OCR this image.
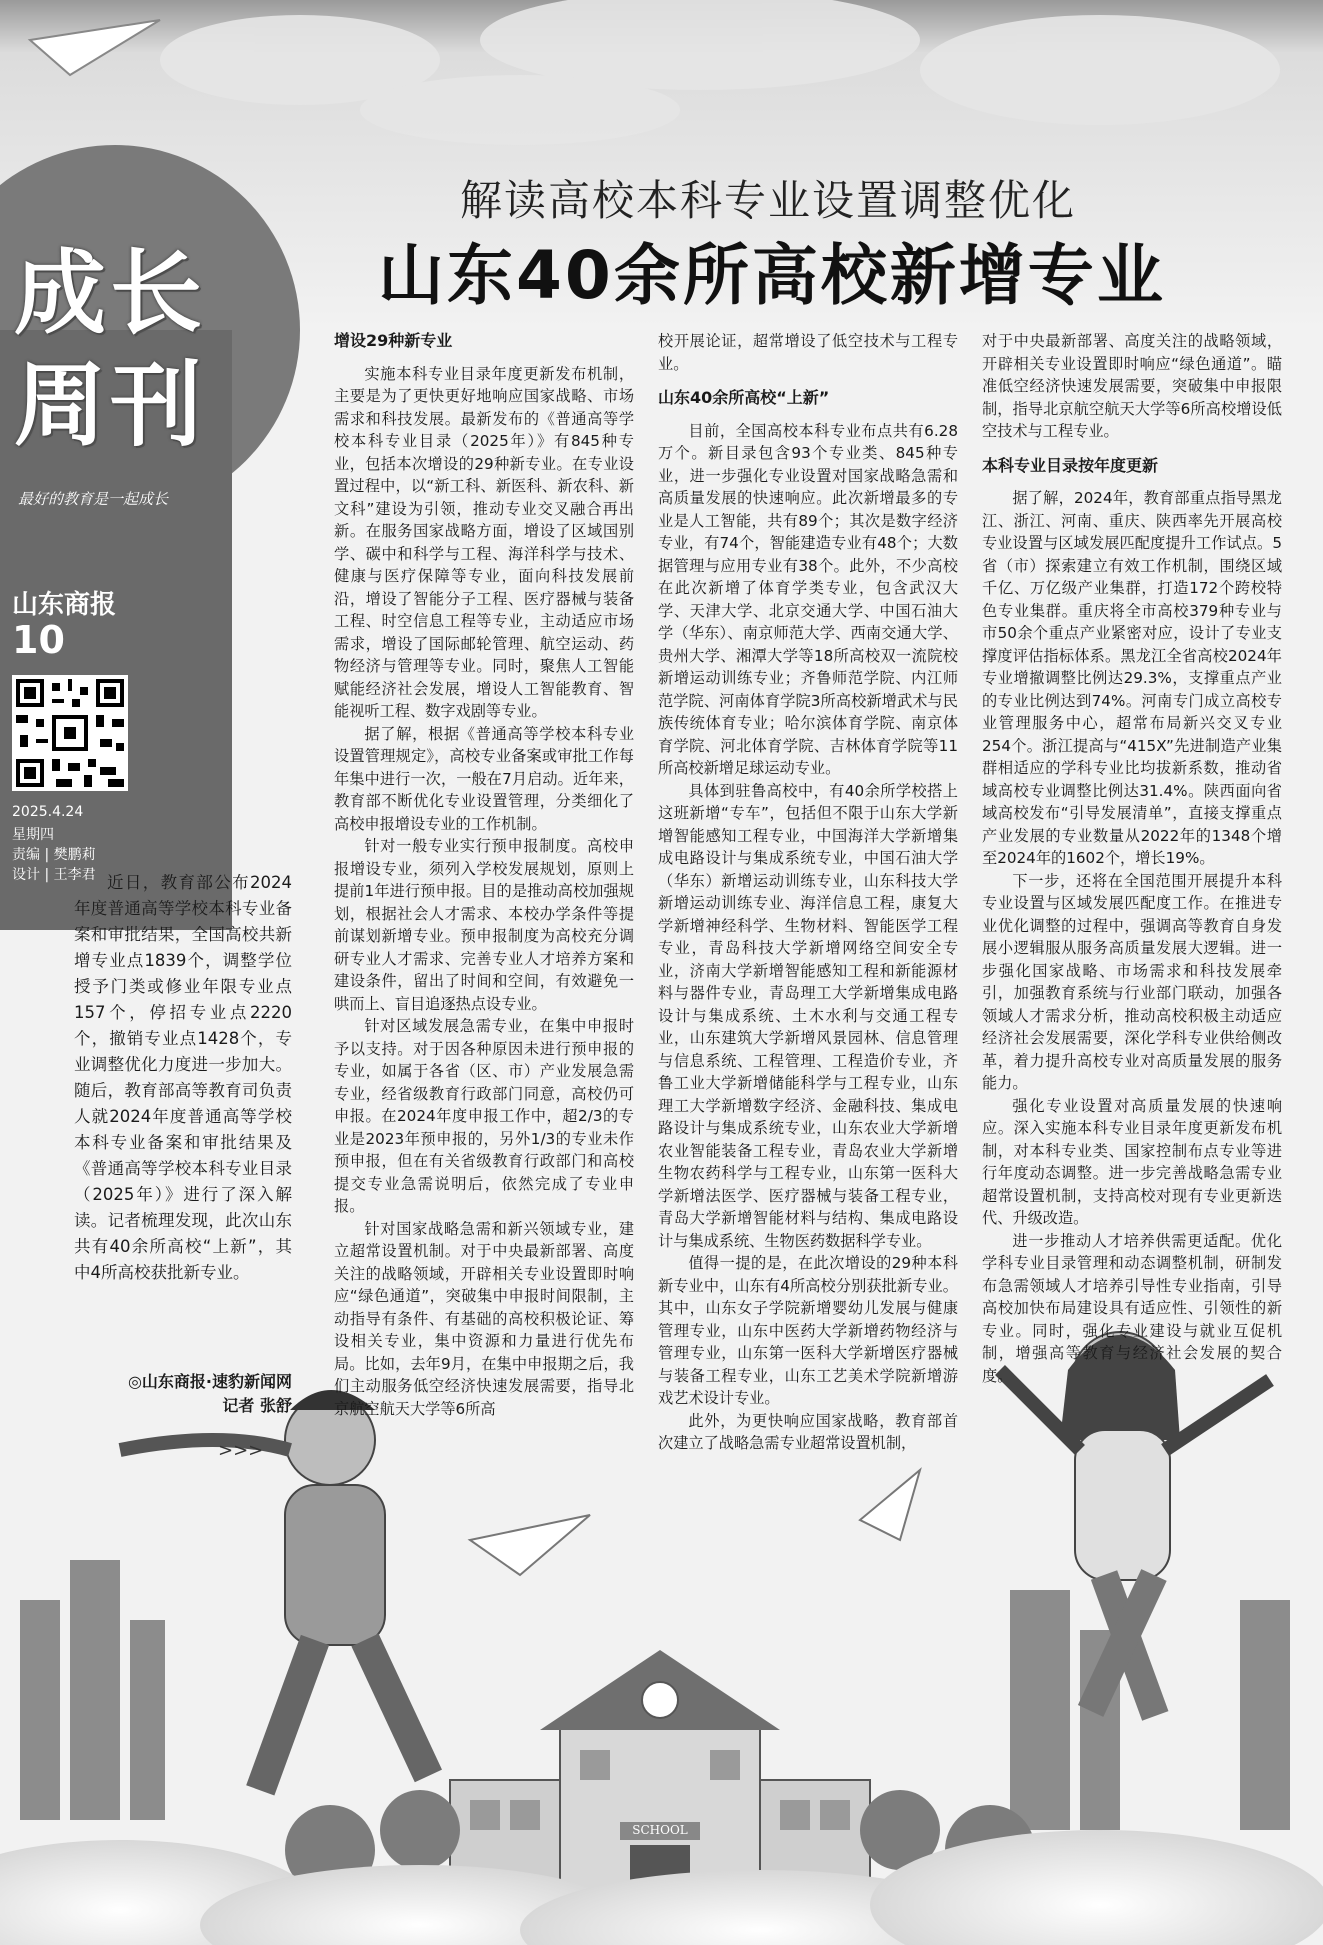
成长
周刊
最好的教育是一起成长
山东商报
10
2025.4.24
星期四
责编 | 樊鹏莉
设计 | 王李君
解读高校本科专业设置调整优化
山东40余所高校新增专业

近日，教育部公布2024年度普通高等学校本科专业备案和审批结果，全国高校共新增专业点1839个，调整学位授予门类或修业年限专业点157个，停招专业点2220个，撤销专业点1428个，专业调整优化力度进一步加大。随后，教育部高等教育司负责人就2024年度普通高等学校本科专业备案和审批结果及《普通高等学校本科专业目录（2025年）》进行了深入解读。记者梳理发现，此次山东共有40余所高校“上新”，其中4所高校获批新专业。

◎山东商报·速豹新闻网
记者 张舒
>>>
增设29种新专业

实施本科专业目录年度更新发布机制，主要是为了更快更好地响应国家战略、市场需求和科技发展。最新发布的《普通高等学校本科专业目录（2025年）》有845种专业，包括本次增设的29种新专业。在专业设置过程中，以“新工科、新医科、新农科、新文科”建设为引领，推动专业交叉融合再出新。在服务国家战略方面，增设了区域国别学、碳中和科学与工程、海洋科学与技术、健康与医疗保障等专业，面向科技发展前沿，增设了智能分子工程、医疗器械与装备工程、时空信息工程等专业，主动适应市场需求，增设了国际邮轮管理、航空运动、药物经济与管理等专业。同时，聚焦人工智能赋能经济社会发展，增设人工智能教育、智能视听工程、数字戏剧等专业。

据了解，根据《普通高等学校本科专业设置管理规定》，高校专业备案或审批工作每年集中进行一次，一般在7月启动。近年来，教育部不断优化专业设置管理，分类细化了高校申报增设专业的工作机制。

针对一般专业实行预申报制度。高校申报增设专业，须列入学校发展规划，原则上提前1年进行预申报。目的是推动高校加强规划，根据社会人才需求、本校办学条件等提前谋划新增专业。预申报制度为高校充分调研专业人才需求、完善专业人才培养方案和建设条件，留出了时间和空间，有效避免一哄而上、盲目追逐热点设专业。

针对区域发展急需专业，在集中申报时予以支持。对于因各种原因未进行预申报的专业，如属于各省（区、市）产业发展急需专业，经省级教育行政部门同意，高校仍可申报。在2024年度申报工作中，超2/3的专业是2023年预申报的，另外1/3的专业未作预申报，但在有关省级教育行政部门和高校提交专业急需说明后，依然完成了专业申报。

针对国家战略急需和新兴领域专业，建立超常设置机制。对于中央最新部署、高度关注的战略领域，开辟相关专业设置即时响应“绿色通道”，突破集中申报时间限制，主动指导有条件、有基础的高校积极论证、筹设相关专业，集中资源和力量进行优先布局。比如，去年9月，在集中申报期之后，我们主动服务低空经济快速发展需要，指导北京航空航天大学等6所高

校开展论证，超常增设了低空技术与工程专业。

山东40余所高校“上新”

目前，全国高校本科专业布点共有6.28万个。新目录包含93个专业类、845种专业，进一步强化专业设置对国家战略急需和高质量发展的快速响应。此次新增最多的专业是人工智能，共有89个；其次是数字经济专业，有74个，智能建造专业有48个；大数据管理与应用专业有38个。此外，不少高校在此次新增了体育学类专业，包含武汉大学、天津大学、北京交通大学、中国石油大学（华东）、南京师范大学、西南交通大学、贵州大学、湘潭大学等18所高校双一流院校新增运动训练专业；齐鲁师范学院、内江师范学院、河南体育学院3所高校新增武术与民族传统体育专业；哈尔滨体育学院、南京体育学院、河北体育学院、吉林体育学院等11所高校新增足球运动专业。

具体到驻鲁高校中，有40余所学校搭上这班新增“专车”，包括但不限于山东大学新增智能感知工程专业，中国海洋大学新增集成电路设计与集成系统专业，中国石油大学（华东）新增运动训练专业，山东科技大学新增运动训练专业、海洋信息工程，康复大学新增神经科学、生物材料、智能医学工程专业，青岛科技大学新增网络空间安全专业，济南大学新增智能感知工程和新能源材料与器件专业，青岛理工大学新增集成电路设计与集成系统、土木水利与交通工程专业，山东建筑大学新增风景园林、信息管理与信息系统、工程管理、工程造价专业，齐鲁工业大学新增储能科学与工程专业，山东理工大学新增数字经济、金融科技、集成电路设计与集成系统专业，山东农业大学新增农业智能装备工程专业，青岛农业大学新增生物农药科学与工程专业，山东第一医科大学新增法医学、医疗器械与装备工程专业，青岛大学新增智能材料与结构、集成电路设计与集成系统、生物医药数据科学专业。

值得一提的是，在此次增设的29种本科新专业中，山东有4所高校分别获批新专业。其中，山东女子学院新增婴幼儿发展与健康管理专业，山东中医药大学新增药物经济与管理专业，山东第一医科大学新增医疗器械与装备工程专业，山东工艺美术学院新增游戏艺术设计专业。

此外，为更快响应国家战略，教育部首次建立了战略急需专业超常设置机制，

对于中央最新部署、高度关注的战略领域，开辟相关专业设置即时响应“绿色通道”。瞄准低空经济快速发展需要，突破集中申报限制，指导北京航空航天大学等6所高校增设低空技术与工程专业。

本科专业目录按年度更新

据了解，2024年，教育部重点指导黑龙江、浙江、河南、重庆、陕西率先开展高校专业设置与区域发展匹配度提升工作试点。5省（市）探索建立有效工作机制，围绕区域千亿、万亿级产业集群，打造172个跨校特色专业集群。重庆将全市高校379种专业与市50余个重点产业紧密对应，设计了专业支撑度评估指标体系。黑龙江全省高校2024年专业增撤调整比例达29.3%，支撑重点产业的专业比例达到74%。河南专门成立高校专业管理服务中心，超常布局新兴交叉专业254个。浙江提高与“415X”先进制造产业集群相适应的学科专业比均拔新系数，推动省域高校专业调整比例达31.4%。陕西面向省域高校发布“引导发展清单”，直接支撑重点产业发展的专业数量从2022年的1348个增至2024年的1602个，增长19%。

下一步，还将在全国范围开展提升本科专业设置与区域发展匹配度工作。在推进专业优化调整的过程中，强调高等教育自身发展小逻辑服从服务高质量发展大逻辑。进一步强化国家战略、市场需求和科技发展牵引，加强教育系统与行业部门联动，加强各领域人才需求分析，推动高校积极主动适应经济社会发展需要，深化学科专业供给侧改革，着力提升高校专业对高质量发展的服务能力。

强化专业设置对高质量发展的快速响应。深入实施本科专业目录年度更新发布机制，对本科专业类、国家控制布点专业等进行年度动态调整。进一步完善战略急需专业超常设置机制，支持高校对现有专业更新迭代、升级改造。

进一步推动人才培养供需更适配。优化学科专业目录管理和动态调整机制，研制发布急需领域人才培养引导性专业指南，引导高校加快布局建设具有适应性、引领性的新专业。同时，强化专业建设与就业互促机制，增强高等教育与经济社会发展的契合度。

SCHOOL
